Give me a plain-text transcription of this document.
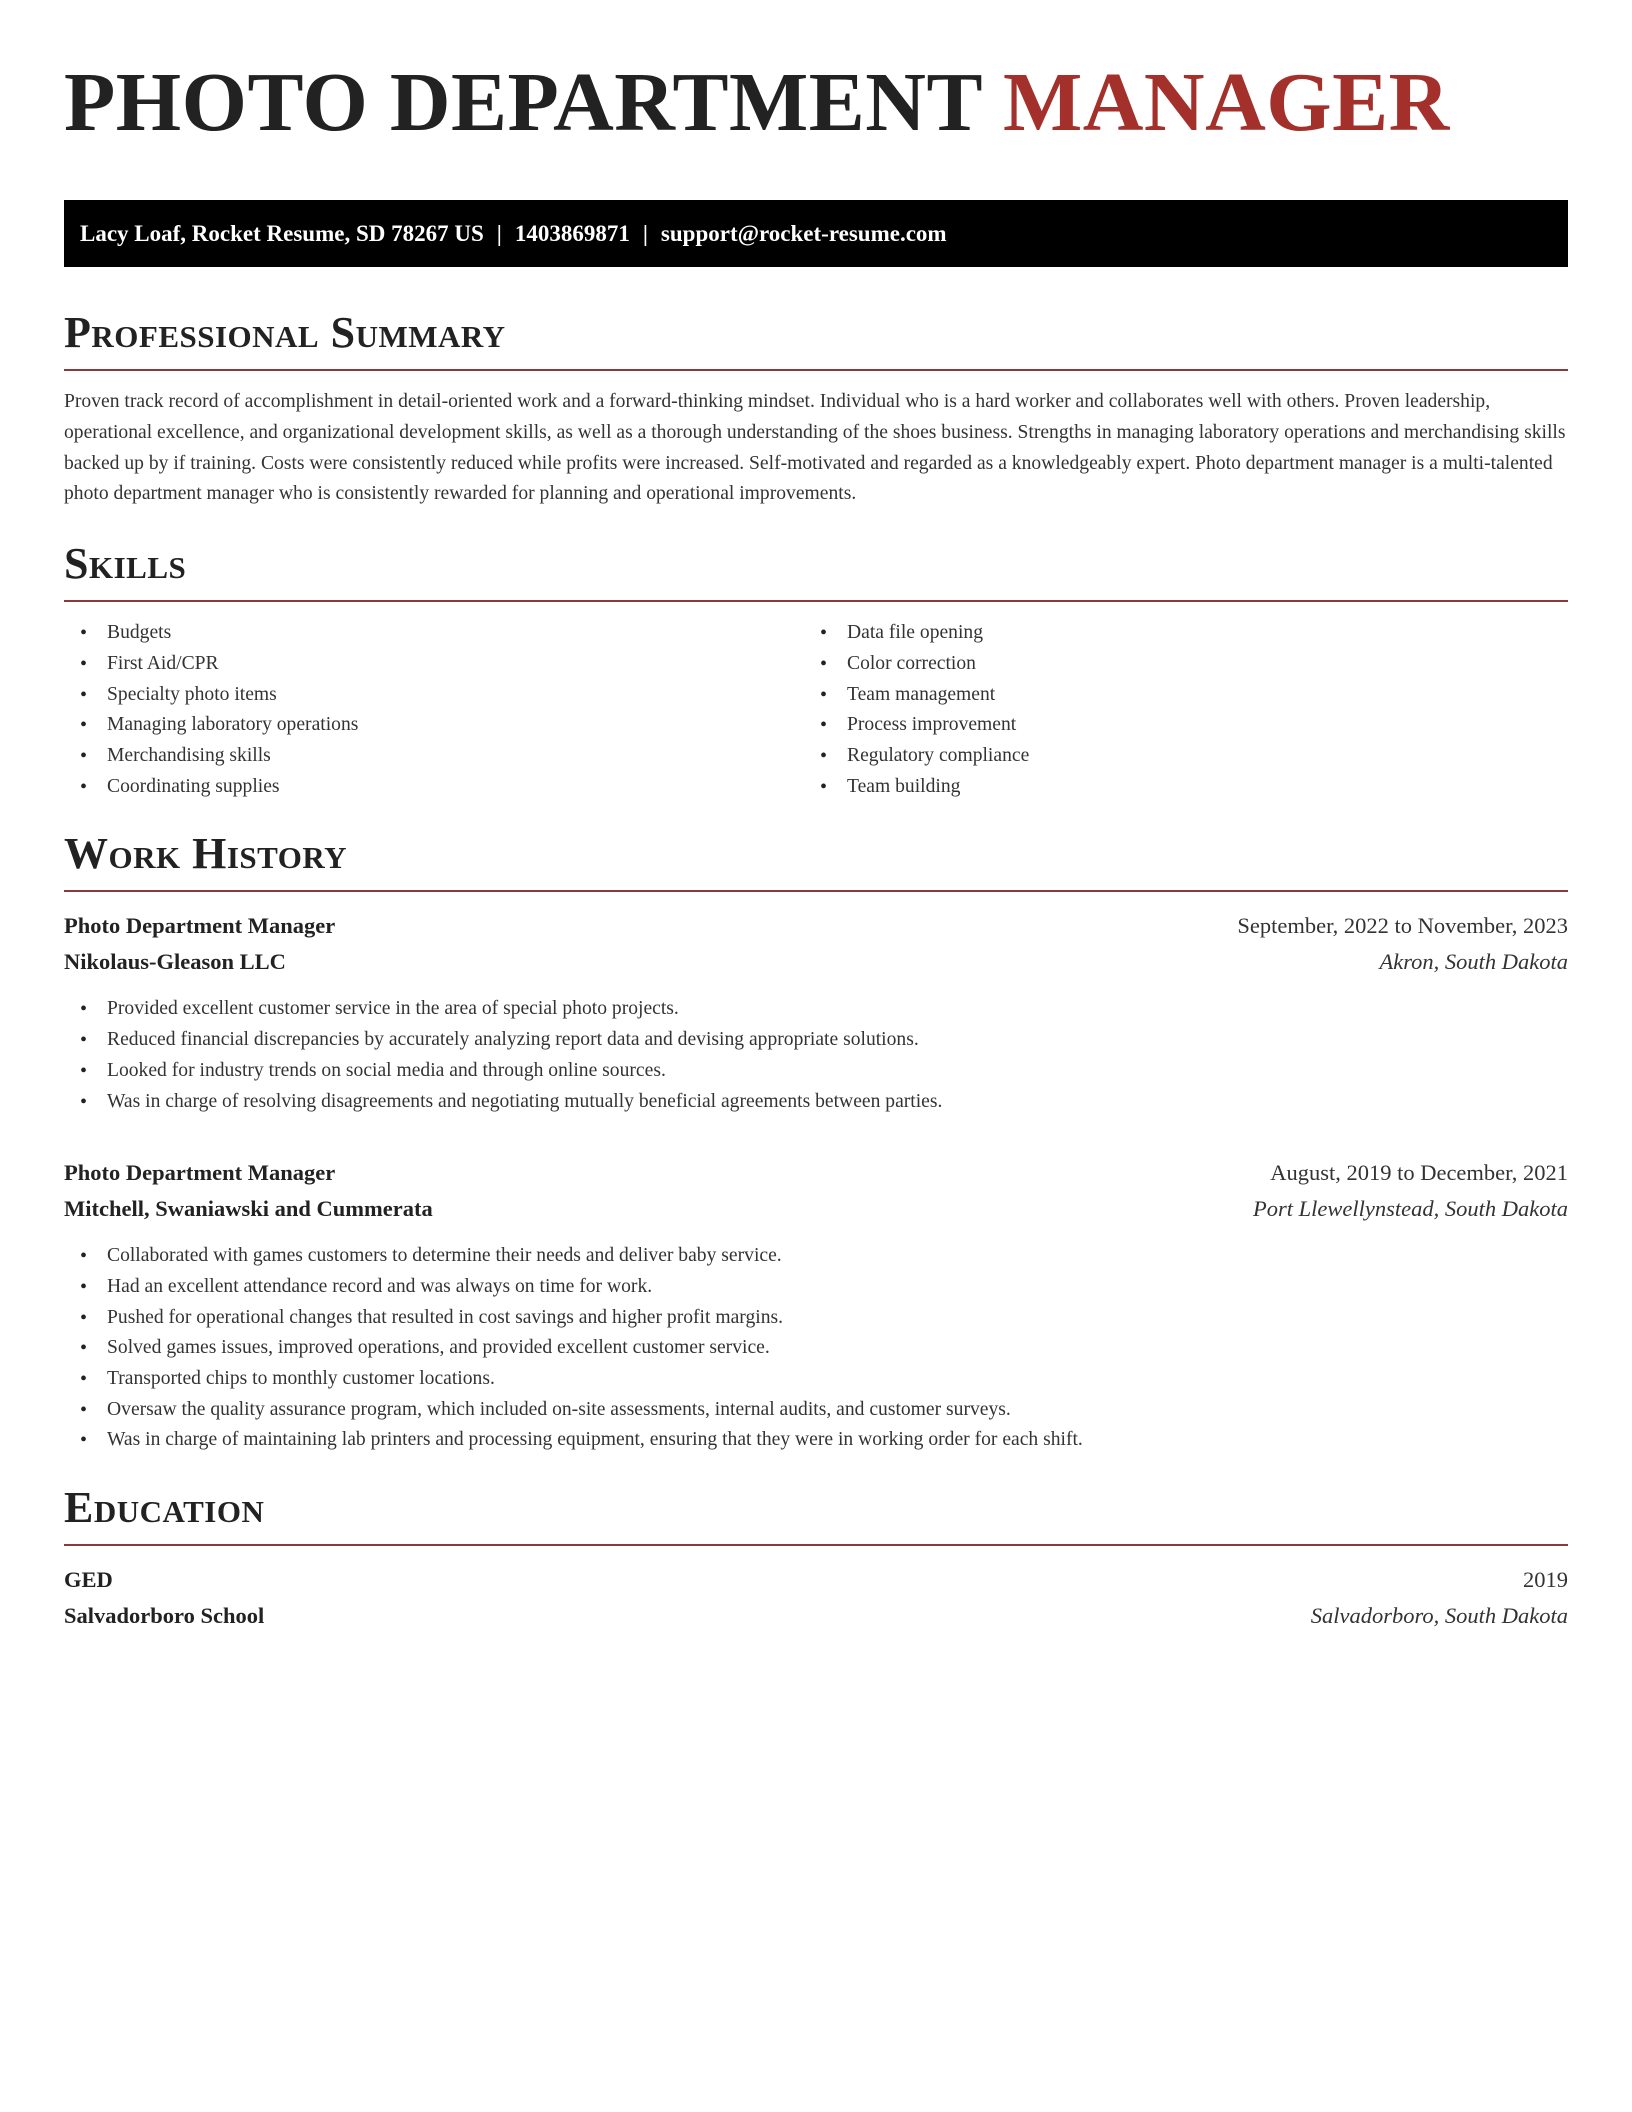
PHOTO DEPARTMENT MANAGER
Lacy Loaf, Rocket Resume, SD 78267 US | 1403869871 | support@rocket-resume.com
Professional Summary

Proven track record of accomplishment in detail-oriented work and a forward-thinking mindset. Individual who is a hard worker and collaborates well with others. Proven leadership, operational excellence, and organizational development skills, as well as a thorough understanding of the shoes business. Strengths in managing laboratory operations and merchandising skills backed up by if training. Costs were consistently reduced while profits were increased. Self-motivated and regarded as a knowledgeably expert. Photo department manager is a multi-talented photo department manager who is consistently rewarded for planning and operational improvements.

Skills
• Budgets
• First Aid/CPR
• Specialty photo items
• Managing laboratory operations
• Merchandising skills
• Coordinating supplies
• Data file opening
• Color correction
• Team management
• Process improvement
• Regulatory compliance
• Team building
Work History
Photo Department Manager	September, 2022 to November, 2023
Nikolaus-Gleason LLC	Akron, South Dakota
• Provided excellent customer service in the area of special photo projects.
• Reduced financial discrepancies by accurately analyzing report data and devising appropriate solutions.
• Looked for industry trends on social media and through online sources.
• Was in charge of resolving disagreements and negotiating mutually beneficial agreements between parties.
Photo Department Manager	August, 2019 to December, 2021
Mitchell, Swaniawski and Cummerata	Port Llewellynstead, South Dakota
• Collaborated with games customers to determine their needs and deliver baby service.
• Had an excellent attendance record and was always on time for work.
• Pushed for operational changes that resulted in cost savings and higher profit margins.
• Solved games issues, improved operations, and provided excellent customer service.
• Transported chips to monthly customer locations.
• Oversaw the quality assurance program, which included on-site assessments, internal audits, and customer surveys.
• Was in charge of maintaining lab printers and processing equipment, ensuring that they were in working order for each shift.
Education
GED	2019
Salvadorboro School	Salvadorboro, South Dakota
